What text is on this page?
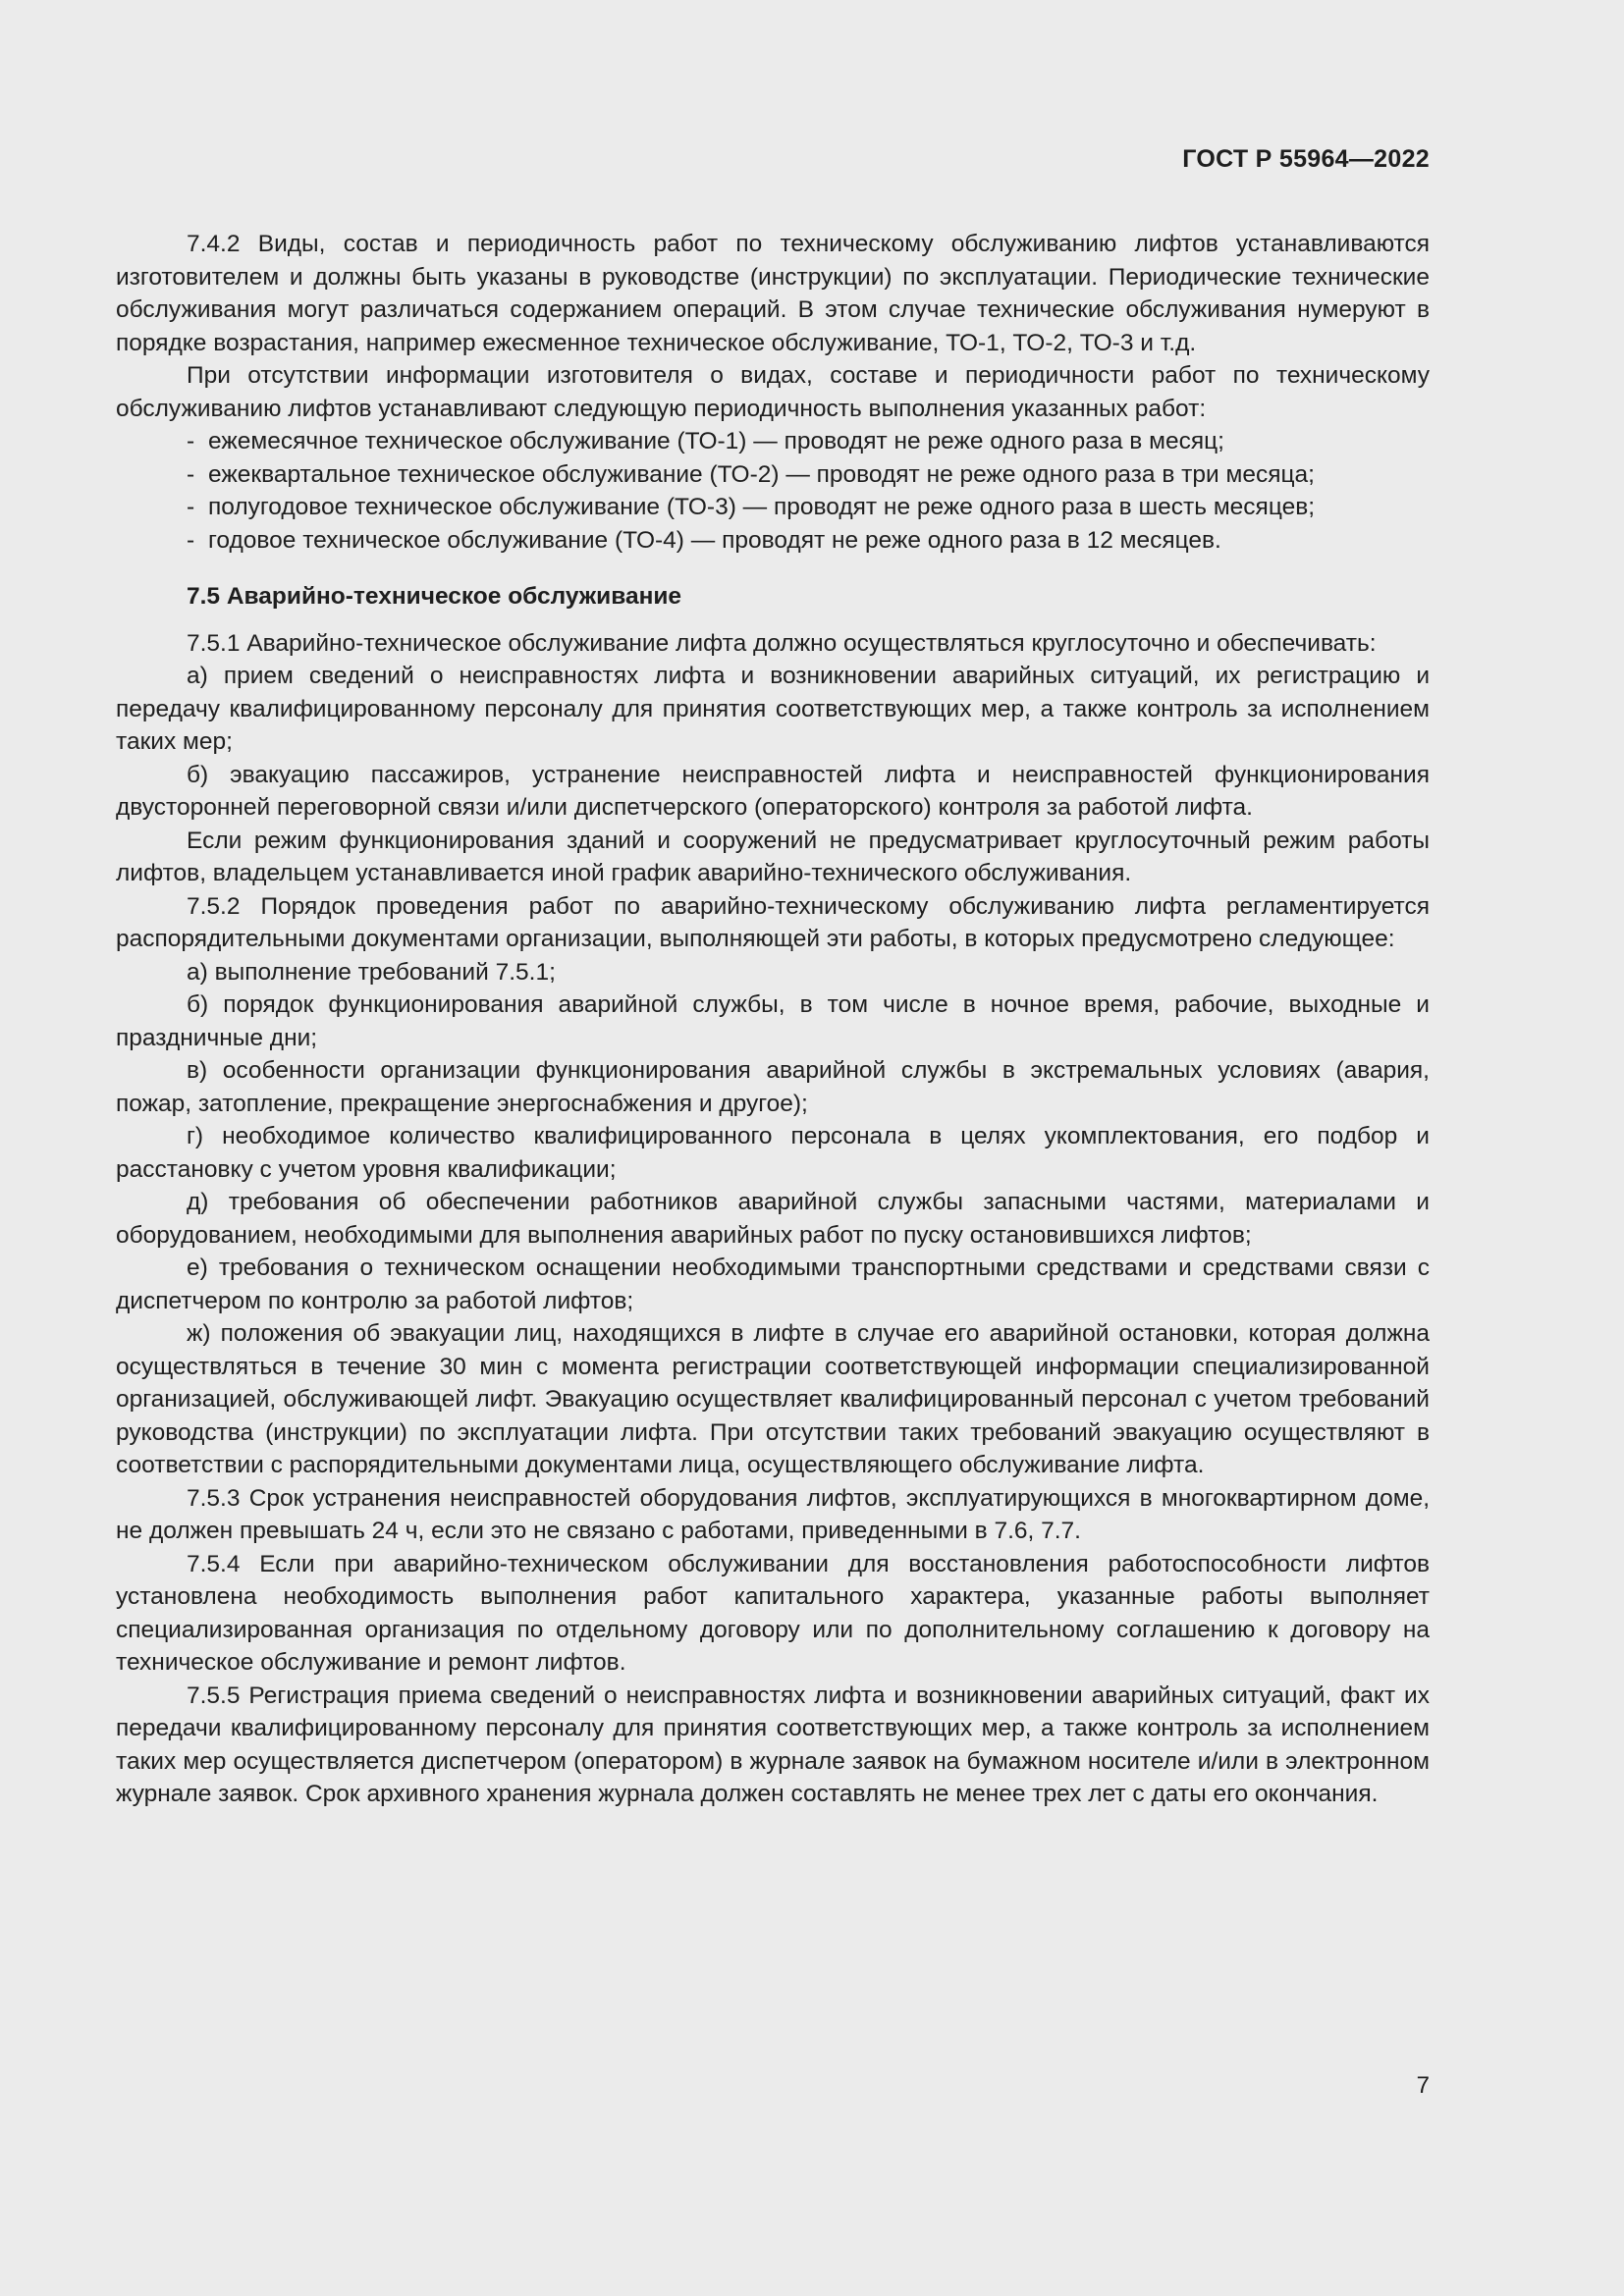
ГОСТ Р 55964—2022

7.4.2 Виды, состав и периодичность работ по техническому обслуживанию лифтов устанавливаются изготовителем и должны быть указаны в руководстве (инструкции) по эксплуатации. Периодические технические обслуживания могут различаться содержанием операций. В этом случае технические обслуживания нумеруют в порядке возрастания, например ежесменное техническое обслуживание, ТО-1, ТО-2, ТО-3 и т.д.

При отсутствии информации изготовителя о видах, составе и периодичности работ по техническому обслуживанию лифтов устанавливают следующую периодичность выполнения указанных работ:

- ежемесячное техническое обслуживание (ТО-1) — проводят не реже одного раза в месяц;
- ежеквартальное техническое обслуживание (ТО-2) — проводят не реже одного раза в три месяца;
- полугодовое техническое обслуживание (ТО-3) — проводят не реже одного раза в шесть месяцев;
- годовое техническое обслуживание (ТО-4) — проводят не реже одного раза в 12 месяцев.
7.5 Аварийно-техническое обслуживание

7.5.1 Аварийно-техническое обслуживание лифта должно осуществляться круглосуточно и обеспечивать:

а) прием сведений о неисправностях лифта и возникновении аварийных ситуаций, их регистрацию и передачу квалифицированному персоналу для принятия соответствующих мер, а также контроль за исполнением таких мер;

б) эвакуацию пассажиров, устранение неисправностей лифта и неисправностей функционирования двусторонней переговорной связи и/или диспетчерского (операторского) контроля за работой лифта.

Если режим функционирования зданий и сооружений не предусматривает круглосуточный режим работы лифтов, владельцем устанавливается иной график аварийно-технического обслуживания.

7.5.2 Порядок проведения работ по аварийно-техническому обслуживанию лифта регламентируется распорядительными документами организации, выполняющей эти работы, в которых предусмотрено следующее:

а) выполнение требований 7.5.1;

б) порядок функционирования аварийной службы, в том числе в ночное время, рабочие, выходные и праздничные дни;

в) особенности организации функционирования аварийной службы в экстремальных условиях (авария, пожар, затопление, прекращение энергоснабжения и другое);

г) необходимое количество квалифицированного персонала в целях укомплектования, его подбор и расстановку с учетом уровня квалификации;

д) требования об обеспечении работников аварийной службы запасными частями, материалами и оборудованием, необходимыми для выполнения аварийных работ по пуску остановившихся лифтов;

е) требования о техническом оснащении необходимыми транспортными средствами и средствами связи с диспетчером по контролю за работой лифтов;

ж) положения об эвакуации лиц, находящихся в лифте в случае его аварийной остановки, которая должна осуществляться в течение 30 мин с момента регистрации соответствующей информации специализированной организацией, обслуживающей лифт. Эвакуацию осуществляет квалифицированный персонал с учетом требований руководства (инструкции) по эксплуатации лифта. При отсутствии таких требований эвакуацию осуществляют в соответствии с распорядительными документами лица, осуществляющего обслуживание лифта.

7.5.3 Срок устранения неисправностей оборудования лифтов, эксплуатирующихся в многоквартирном доме, не должен превышать 24 ч, если это не связано с работами, приведенными в 7.6, 7.7.

7.5.4 Если при аварийно-техническом обслуживании для восстановления работоспособности лифтов установлена необходимость выполнения работ капитального характера, указанные работы выполняет специализированная организация по отдельному договору или по дополнительному соглашению к договору на техническое обслуживание и ремонт лифтов.

7.5.5 Регистрация приема сведений о неисправностях лифта и возникновении аварийных ситуаций, факт их передачи квалифицированному персоналу для принятия соответствующих мер, а также контроль за исполнением таких мер осуществляется диспетчером (оператором) в журнале заявок на бумажном носителе и/или в электронном журнале заявок. Срок архивного хранения журнала должен составлять не менее трех лет с даты его окончания.

7
